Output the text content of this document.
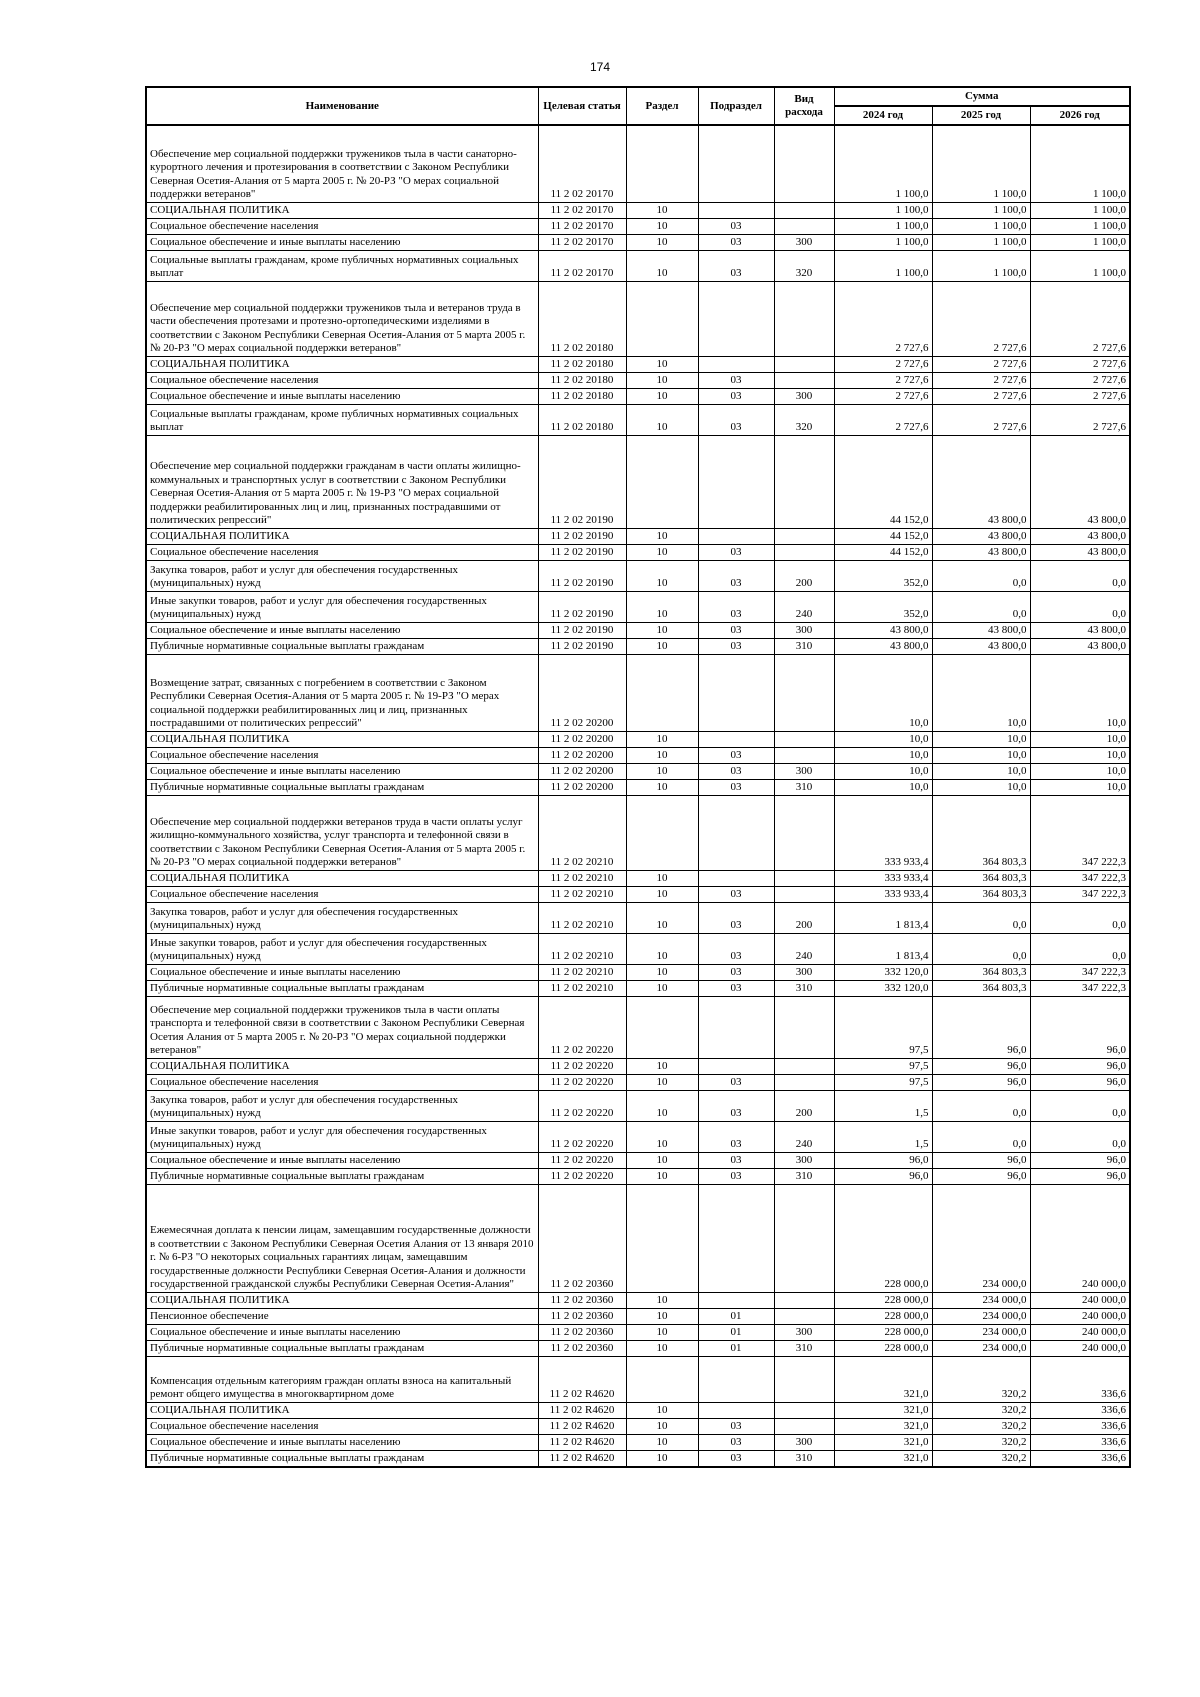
174
Наименование	Целевая статья	Раздел	Подраздел	Вид расхода	Сумма		
					2024 год	2025 год	2026 год
Обеспечение мер социальной поддержки тружеников тыла в части санаторно-курортного лечения и протезирования в соответствии с Законом Республики Северная Осетия-Алания от 5 марта 2005 г. № 20-РЗ "О мерах социальной поддержки ветеранов"	11 2 02 20170				1 100,0	1 100,0	1 100,0
СОЦИАЛЬНАЯ ПОЛИТИКА	11 2 02 20170	10			1 100,0	1 100,0	1 100,0
Социальное обеспечение населения	11 2 02 20170	10	03		1 100,0	1 100,0	1 100,0
Социальное обеспечение и иные выплаты населению	11 2 02 20170	10	03	300	1 100,0	1 100,0	1 100,0
Социальные выплаты гражданам, кроме публичных нормативных социальных выплат	11 2 02 20170	10	03	320	1 100,0	1 100,0	1 100,0
Обеспечение мер социальной поддержки тружеников тыла и ветеранов труда в части обеспечения протезами и протезно-ортопедическими изделиями в соответствии с Законом Республики Северная Осетия-Алания от 5 марта 2005 г. № 20-РЗ "О мерах социальной поддержки ветеранов"	11 2 02 20180				2 727,6	2 727,6	2 727,6
СОЦИАЛЬНАЯ ПОЛИТИКА	11 2 02 20180	10			2 727,6	2 727,6	2 727,6
Социальное обеспечение населения	11 2 02 20180	10	03		2 727,6	2 727,6	2 727,6
Социальное обеспечение и иные выплаты населению	11 2 02 20180	10	03	300	2 727,6	2 727,6	2 727,6
Социальные выплаты гражданам, кроме публичных нормативных социальных выплат	11 2 02 20180	10	03	320	2 727,6	2 727,6	2 727,6
Обеспечение мер социальной поддержки гражданам в части оплаты жилищно-коммунальных и транспортных услуг в соответствии с Законом Республики Северная Осетия-Алания от 5 марта 2005 г. № 19-РЗ "О мерах социальной поддержки реабилитированных лиц и лиц, признанных пострадавшими от политических репрессий"	11 2 02 20190				44 152,0	43 800,0	43 800,0
СОЦИАЛЬНАЯ ПОЛИТИКА	11 2 02 20190	10			44 152,0	43 800,0	43 800,0
Социальное обеспечение населения	11 2 02 20190	10	03		44 152,0	43 800,0	43 800,0
Закупка товаров, работ и услуг для обеспечения государственных (муниципальных) нужд	11 2 02 20190	10	03	200	352,0	0,0	0,0
Иные закупки товаров, работ и услуг для обеспечения государственных (муниципальных) нужд	11 2 02 20190	10	03	240	352,0	0,0	0,0
Социальное обеспечение и иные выплаты населению	11 2 02 20190	10	03	300	43 800,0	43 800,0	43 800,0
Публичные нормативные социальные выплаты гражданам	11 2 02 20190	10	03	310	43 800,0	43 800,0	43 800,0
Возмещение затрат, связанных с погребением в соответствии с Законом Республики Северная Осетия-Алания от 5 марта 2005 г. № 19-РЗ "О мерах социальной поддержки реабилитированных лиц и лиц, признанных пострадавшими от политических репрессий"	11 2 02 20200				10,0	10,0	10,0
СОЦИАЛЬНАЯ ПОЛИТИКА	11 2 02 20200	10			10,0	10,0	10,0
Социальное обеспечение населения	11 2 02 20200	10	03		10,0	10,0	10,0
Социальное обеспечение и иные выплаты населению	11 2 02 20200	10	03	300	10,0	10,0	10,0
Публичные нормативные социальные выплаты гражданам	11 2 02 20200	10	03	310	10,0	10,0	10,0
Обеспечение мер социальной поддержки ветеранов труда в части оплаты услуг жилищно-коммунального хозяйства, услуг транспорта и телефонной связи в соответствии с Законом Республики Северная Осетия-Алания от 5 марта 2005 г. № 20-РЗ "О мерах социальной поддержки ветеранов"	11 2 02 20210				333 933,4	364 803,3	347 222,3
СОЦИАЛЬНАЯ ПОЛИТИКА	11 2 02 20210	10			333 933,4	364 803,3	347 222,3
Социальное обеспечение населения	11 2 02 20210	10	03		333 933,4	364 803,3	347 222,3
Закупка товаров, работ и услуг для обеспечения государственных (муниципальных) нужд	11 2 02 20210	10	03	200	1 813,4	0,0	0,0
Иные закупки товаров, работ и услуг для обеспечения государственных (муниципальных) нужд	11 2 02 20210	10	03	240	1 813,4	0,0	0,0
Социальное обеспечение и иные выплаты населению	11 2 02 20210	10	03	300	332 120,0	364 803,3	347 222,3
Публичные нормативные социальные выплаты гражданам	11 2 02 20210	10	03	310	332 120,0	364 803,3	347 222,3
Обеспечение мер социальной поддержки тружеников тыла в части оплаты транспорта и телефонной связи в соответствии с Законом Республики Северная Осетия Алания от 5 марта 2005 г. № 20-РЗ "О мерах социальной поддержки ветеранов"	11 2 02 20220				97,5	96,0	96,0
СОЦИАЛЬНАЯ ПОЛИТИКА	11 2 02 20220	10			97,5	96,0	96,0
Социальное обеспечение населения	11 2 02 20220	10	03		97,5	96,0	96,0
Закупка товаров, работ и услуг для обеспечения государственных (муниципальных) нужд	11 2 02 20220	10	03	200	1,5	0,0	0,0
Иные закупки товаров, работ и услуг для обеспечения государственных (муниципальных) нужд	11 2 02 20220	10	03	240	1,5	0,0	0,0
Социальное обеспечение и иные выплаты населению	11 2 02 20220	10	03	300	96,0	96,0	96,0
Публичные нормативные социальные выплаты гражданам	11 2 02 20220	10	03	310	96,0	96,0	96,0
Ежемесячная доплата к пенсии лицам, замещавшим государственные должности в соответствии с Законом Республики Северная Осетия Алания от 13 января 2010 г. № 6-РЗ "О некоторых социальных гарантиях лицам, замещавшим государственные должности Республики Северная Осетия-Алания и должности государственной гражданской службы Республики Северная Осетия-Алания"	11 2 02 20360				228 000,0	234 000,0	240 000,0
СОЦИАЛЬНАЯ ПОЛИТИКА	11 2 02 20360	10			228 000,0	234 000,0	240 000,0
Пенсионное обеспечение	11 2 02 20360	10	01		228 000,0	234 000,0	240 000,0
Социальное обеспечение и иные выплаты населению	11 2 02 20360	10	01	300	228 000,0	234 000,0	240 000,0
Публичные нормативные социальные выплаты гражданам	11 2 02 20360	10	01	310	228 000,0	234 000,0	240 000,0
Компенсация отдельным категориям граждан оплаты взноса на капитальный ремонт общего имущества в многоквартирном доме	11 2 02 R4620				321,0	320,2	336,6
СОЦИАЛЬНАЯ ПОЛИТИКА	11 2 02 R4620	10			321,0	320,2	336,6
Социальное обеспечение населения	11 2 02 R4620	10	03		321,0	320,2	336,6
Социальное обеспечение и иные выплаты населению	11 2 02 R4620	10	03	300	321,0	320,2	336,6
Публичные нормативные социальные выплаты гражданам	11 2 02 R4620	10	03	310	321,0	320,2	336,6
